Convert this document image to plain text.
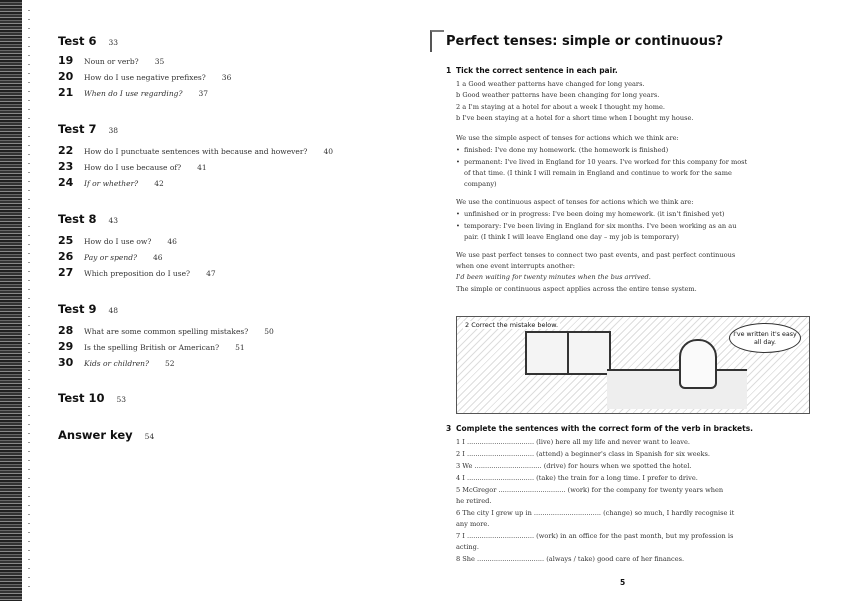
Test 6 33
19	Noun or verb? 35
20	How do I use negative prefixes? 36
21	When do I use regarding? 37
Test 7 38
22	How do I punctuate sentences with because and however? 40
23	How do I use because of? 41
24	If or whether? 42
Test 8 43
25	How do I use ow? 46
26	Pay or spend? 46
27	Which preposition do I use? 47
Test 9 48
28	What are some common spelling mistakes? 50
29	Is the spelling British or American? 51
30	Kids or children? 52
Test 10 53
Answer key 54
Perfect tenses: simple or continuous?
1 Tick the correct sentence in each pair.
1 a Good weather patterns have changed for long years.
b Good weather patterns have been changing for long years.
2 a I'm staying at a hotel for about a week I thought my home.
b I've been staying at a hotel for a short time when I bought my house.
We use the simple aspect of tenses for actions which we think are:
• finished: I've done my homework. (the homework is finished)
• permanent: I've lived in England for 10 years. I've worked for this company for most
of that time. (I think I will remain in England and continue to work for the same
company)
We use the continuous aspect of tenses for actions which we think are:
• unfinished or in progress: I've been doing my homework. (it isn't finished yet)
• temporary: I've been living in England for six months. I've been working as an au
pair. (I think I will leave England one day – my job is temporary)
We use past perfect tenses to connect two past events, and past perfect continuous
when one event interrupts another:
I'd been waiting for twenty minutes when the bus arrived.
The simple or continuous aspect applies across the entire tense system.
2 Correct the mistake below.
I've written it's easy all day.
3 Complete the sentences with the correct form of the verb in brackets.
1 I ................................ (live) here all my life and never want to leave.
2 I ................................ (attend) a beginner's class in Spanish for six weeks.
3 We ................................ (drive) for hours when we spotted the hotel.
4 I ................................ (take) the train for a long time. I prefer to drive.
5 McGregor ................................ (work) for the company for twenty years when
he retired.
6 The city I grew up in ................................ (change) so much, I hardly recognise it
any more.
7 I ................................ (work) in an office for the past month, but my profession is
acting.
8 She ................................ (always / take) good care of her finances.
5
